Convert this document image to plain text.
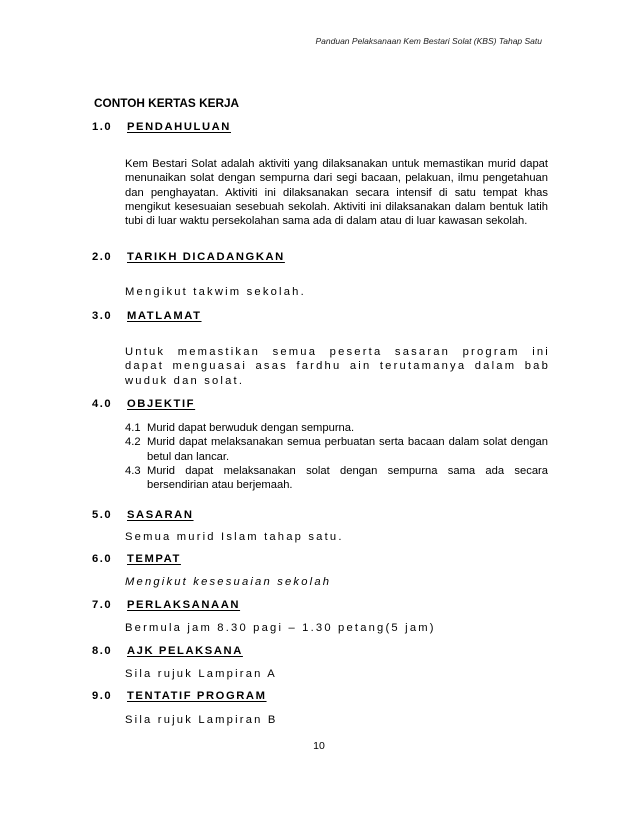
Panduan Pelaksanaan Kem Bestari Solat (KBS) Tahap Satu
CONTOH KERTAS KERJA
1.0 PENDAHULUAN
Kem Bestari Solat adalah aktiviti yang dilaksanakan untuk memastikan murid dapat menunaikan solat dengan sempurna dari segi bacaan, pelakuan, ilmu pengetahuan dan penghayatan. Aktiviti ini dilaksanakan secara intensif di satu tempat khas mengikut kesesuaian sesebuah sekolah. Aktiviti ini dilaksanakan dalam bentuk latih tubi di luar waktu persekolahan sama ada di dalam atau di luar kawasan sekolah.
2.0 TARIKH DICADANGKAN
Mengikut takwim sekolah.
3.0 MATLAMAT
Untuk memastikan semua peserta sasaran program ini dapat menguasai asas fardhu ain terutamanya dalam bab wuduk dan solat.
4.0 OBJEKTIF
4.1 Murid dapat berwuduk dengan sempurna.
4.2 Murid dapat melaksanakan semua perbuatan serta bacaan dalam solat dengan betul dan lancar.
4.3 Murid dapat melaksanakan solat dengan sempurna sama ada secara bersendirian atau berjemaah.
5.0 SASARAN
Semua murid Islam tahap satu.
6.0 TEMPAT
Mengikut kesesuaian sekolah
7.0 PERLAKSANAAN
Bermula jam 8.30 pagi – 1.30 petang(5 jam)
8.0 AJK PELAKSANA
Sila rujuk Lampiran A
9.0 TENTATIF PROGRAM
Sila rujuk Lampiran B
10
